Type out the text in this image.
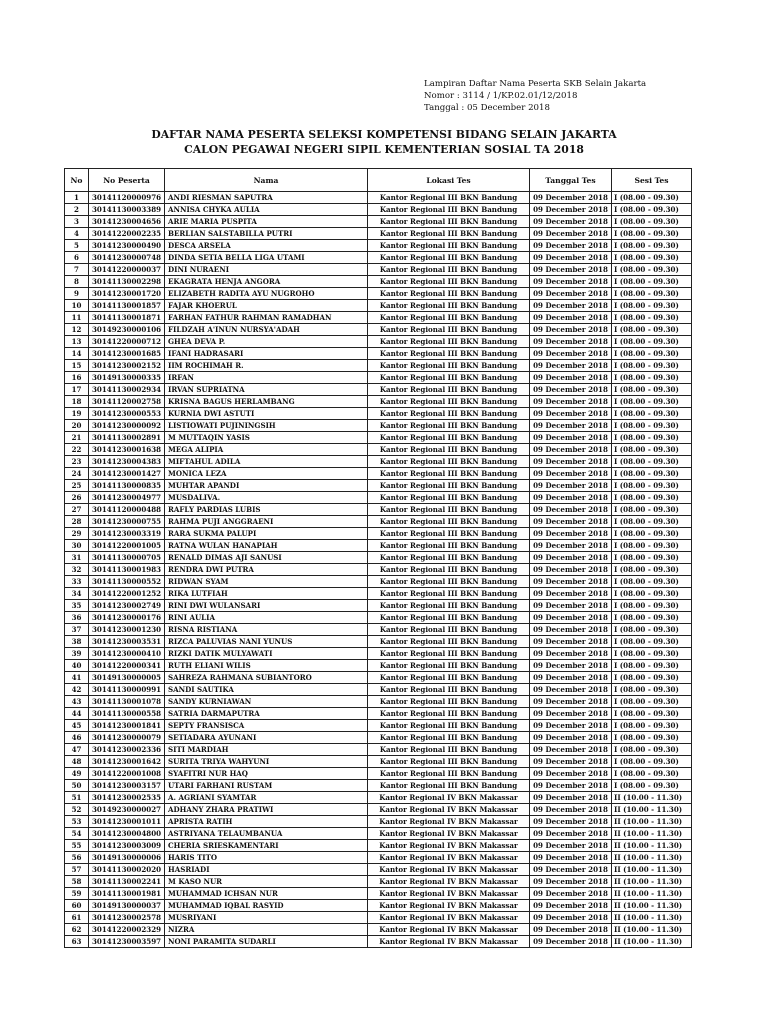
Lampiran Daftar Nama Peserta SKB Selain Jakarta
Nomor : 3114 / 1/KP.02.01/12/2018
Tanggal : 05 December 2018
DAFTAR NAMA PESERTA SELEKSI KOMPETENSI BIDANG SELAIN JAKARTA
CALON PEGAWAI NEGERI SIPIL KEMENTERIAN SOSIAL TA 2018
No	No Peserta	Nama	Lokasi Tes	Tanggal Tes	Sesi Tes
1	30141120000976	ANDI RIESMAN SAPUTRA	Kantor Regional III BKN Bandung	09 December 2018	I (08.00 - 09.30)
2	30141130003389	ANNISA CHYKA AULIA	Kantor Regional III BKN Bandung	09 December 2018	I (08.00 - 09.30)
3	30141230004656	ARIE MARIA PUSPITA	Kantor Regional III BKN Bandung	09 December 2018	I (08.00 - 09.30)
4	30141220002235	BERLIAN SALSTABILLA PUTRI	Kantor Regional III BKN Bandung	09 December 2018	I (08.00 - 09.30)
5	30141230000490	DESCA ARSELA	Kantor Regional III BKN Bandung	09 December 2018	I (08.00 - 09.30)
6	30141230000748	DINDA SETIA BELLA LIGA UTAMI	Kantor Regional III BKN Bandung	09 December 2018	I (08.00 - 09.30)
7	30141220000037	DINI NURAENI	Kantor Regional III BKN Bandung	09 December 2018	I (08.00 - 09.30)
8	30141130002298	EKAGRATA HENJA ANGORA	Kantor Regional III BKN Bandung	09 December 2018	I (08.00 - 09.30)
9	30141230001720	ELIZABETH RADITA AYU NUGROHO	Kantor Regional III BKN Bandung	09 December 2018	I (08.00 - 09.30)
10	30141130001857	FAJAR KHOERUL	Kantor Regional III BKN Bandung	09 December 2018	I (08.00 - 09.30)
11	30141130001871	FARHAN FATHUR RAHMAN RAMADHAN	Kantor Regional III BKN Bandung	09 December 2018	I (08.00 - 09.30)
12	30149230000106	FILDZAH A'INUN NURSYA'ADAH	Kantor Regional III BKN Bandung	09 December 2018	I (08.00 - 09.30)
13	30141220000712	GHEA DEVA P.	Kantor Regional III BKN Bandung	09 December 2018	I (08.00 - 09.30)
14	30141230001685	IFANI HADRASARI	Kantor Regional III BKN Bandung	09 December 2018	I (08.00 - 09.30)
15	30141230002152	IIM ROCHIMAH R.	Kantor Regional III BKN Bandung	09 December 2018	I (08.00 - 09.30)
16	30149130000335	IRFAN	Kantor Regional III BKN Bandung	09 December 2018	I (08.00 - 09.30)
17	30141130002934	IRVAN SUPRIATNA	Kantor Regional III BKN Bandung	09 December 2018	I (08.00 - 09.30)
18	30141120002758	KRISNA BAGUS HERLAMBANG	Kantor Regional III BKN Bandung	09 December 2018	I (08.00 - 09.30)
19	30141230000553	KURNIA DWI ASTUTI	Kantor Regional III BKN Bandung	09 December 2018	I (08.00 - 09.30)
20	30141230000092	LISTIOWATI PUJININGSIH	Kantor Regional III BKN Bandung	09 December 2018	I (08.00 - 09.30)
21	30141130002891	M MUTTAQIN YASIS	Kantor Regional III BKN Bandung	09 December 2018	I (08.00 - 09.30)
22	30141230001638	MEGA ALIPIA	Kantor Regional III BKN Bandung	09 December 2018	I (08.00 - 09.30)
23	30141230004383	MIFTAHUL ADILA	Kantor Regional III BKN Bandung	09 December 2018	I (08.00 - 09.30)
24	30141230001427	MONICA LEZA	Kantor Regional III BKN Bandung	09 December 2018	I (08.00 - 09.30)
25	30141130000835	MUHTAR APANDI	Kantor Regional III BKN Bandung	09 December 2018	I (08.00 - 09.30)
26	30141230004977	MUSDALIVA.	Kantor Regional III BKN Bandung	09 December 2018	I (08.00 - 09.30)
27	30141120000488	RAFLY PARDIAS LUBIS	Kantor Regional III BKN Bandung	09 December 2018	I (08.00 - 09.30)
28	30141230000755	RAHMA PUJI ANGGRAENI	Kantor Regional III BKN Bandung	09 December 2018	I (08.00 - 09.30)
29	30141230003319	RARA SUKMA PALUPI	Kantor Regional III BKN Bandung	09 December 2018	I (08.00 - 09.30)
30	30141220001005	RATNA WULAN HANAPIAH	Kantor Regional III BKN Bandung	09 December 2018	I (08.00 - 09.30)
31	30141130000705	RENALD DIMAS AJI SANUSI	Kantor Regional III BKN Bandung	09 December 2018	I (08.00 - 09.30)
32	30141130001983	RENDRA DWI PUTRA	Kantor Regional III BKN Bandung	09 December 2018	I (08.00 - 09.30)
33	30141130000552	RIDWAN SYAM	Kantor Regional III BKN Bandung	09 December 2018	I (08.00 - 09.30)
34	30141220001252	RIKA LUTFIAH	Kantor Regional III BKN Bandung	09 December 2018	I (08.00 - 09.30)
35	30141230002749	RINI DWI WULANSARI	Kantor Regional III BKN Bandung	09 December 2018	I (08.00 - 09.30)
36	30141230000176	RINI AULIA	Kantor Regional III BKN Bandung	09 December 2018	I (08.00 - 09.30)
37	30141230001230	RISNA RISTIANA	Kantor Regional III BKN Bandung	09 December 2018	I (08.00 - 09.30)
38	30141230003531	RIZCA PALUVIAS NANI YUNUS	Kantor Regional III BKN Bandung	09 December 2018	I (08.00 - 09.30)
39	30141230000410	RIZKI DATIK MULYAWATI	Kantor Regional III BKN Bandung	09 December 2018	I (08.00 - 09.30)
40	30141220000341	RUTH ELIANI WILIS	Kantor Regional III BKN Bandung	09 December 2018	I (08.00 - 09.30)
41	30149130000005	SAHREZA RAHMANA SUBIANTORO	Kantor Regional III BKN Bandung	09 December 2018	I (08.00 - 09.30)
42	30141130000991	SANDI SAUTIKA	Kantor Regional III BKN Bandung	09 December 2018	I (08.00 - 09.30)
43	30141130001078	SANDY KURNIAWAN	Kantor Regional III BKN Bandung	09 December 2018	I (08.00 - 09.30)
44	30141130000558	SATRIA DARMAPUTRA	Kantor Regional III BKN Bandung	09 December 2018	I (08.00 - 09.30)
45	30141230001841	SEPTY FRANSISCA	Kantor Regional III BKN Bandung	09 December 2018	I (08.00 - 09.30)
46	30141230000079	SETIADARA AYUNANI	Kantor Regional III BKN Bandung	09 December 2018	I (08.00 - 09.30)
47	30141230002336	SITI MARDIAH	Kantor Regional III BKN Bandung	09 December 2018	I (08.00 - 09.30)
48	30141230001642	SURITA TRIYA WAHYUNI	Kantor Regional III BKN Bandung	09 December 2018	I (08.00 - 09.30)
49	30141220001008	SYAFITRI NUR HAQ	Kantor Regional III BKN Bandung	09 December 2018	I (08.00 - 09.30)
50	30141230003157	UTARI FARHANI RUSTAM	Kantor Regional III BKN Bandung	09 December 2018	I (08.00 - 09.30)
51	30141230002535	A. AGRIANI SYAMTAR	Kantor Regional IV BKN Makassar	09 December 2018	II (10.00 - 11.30)
52	30149230000027	ADHANY ZHARA PRATIWI	Kantor Regional IV BKN Makassar	09 December 2018	II (10.00 - 11.30)
53	30141230001011	APRISTA RATIH	Kantor Regional IV BKN Makassar	09 December 2018	II (10.00 - 11.30)
54	30141230004800	ASTRIYANA TELAUMBANUA	Kantor Regional IV BKN Makassar	09 December 2018	II (10.00 - 11.30)
55	30141230003009	CHERIA SRIESKAMENTARI	Kantor Regional IV BKN Makassar	09 December 2018	II (10.00 - 11.30)
56	30149130000006	HARIS TITO	Kantor Regional IV BKN Makassar	09 December 2018	II (10.00 - 11.30)
57	30141130002020	HASRIADI	Kantor Regional IV BKN Makassar	09 December 2018	II (10.00 - 11.30)
58	30141130002241	M KASO NUR	Kantor Regional IV BKN Makassar	09 December 2018	II (10.00 - 11.30)
59	30141130001981	MUHAMMAD ICHSAN NUR	Kantor Regional IV BKN Makassar	09 December 2018	II (10.00 - 11.30)
60	30149130000037	MUHAMMAD IQBAL RASYID	Kantor Regional IV BKN Makassar	09 December 2018	II (10.00 - 11.30)
61	30141230002578	MUSRIYANI	Kantor Regional IV BKN Makassar	09 December 2018	II (10.00 - 11.30)
62	30141220002329	NIZRA	Kantor Regional IV BKN Makassar	09 December 2018	II (10.00 - 11.30)
63	30141230003597	NONI PARAMITA SUDARLI	Kantor Regional IV BKN Makassar	09 December 2018	II (10.00 - 11.30)
